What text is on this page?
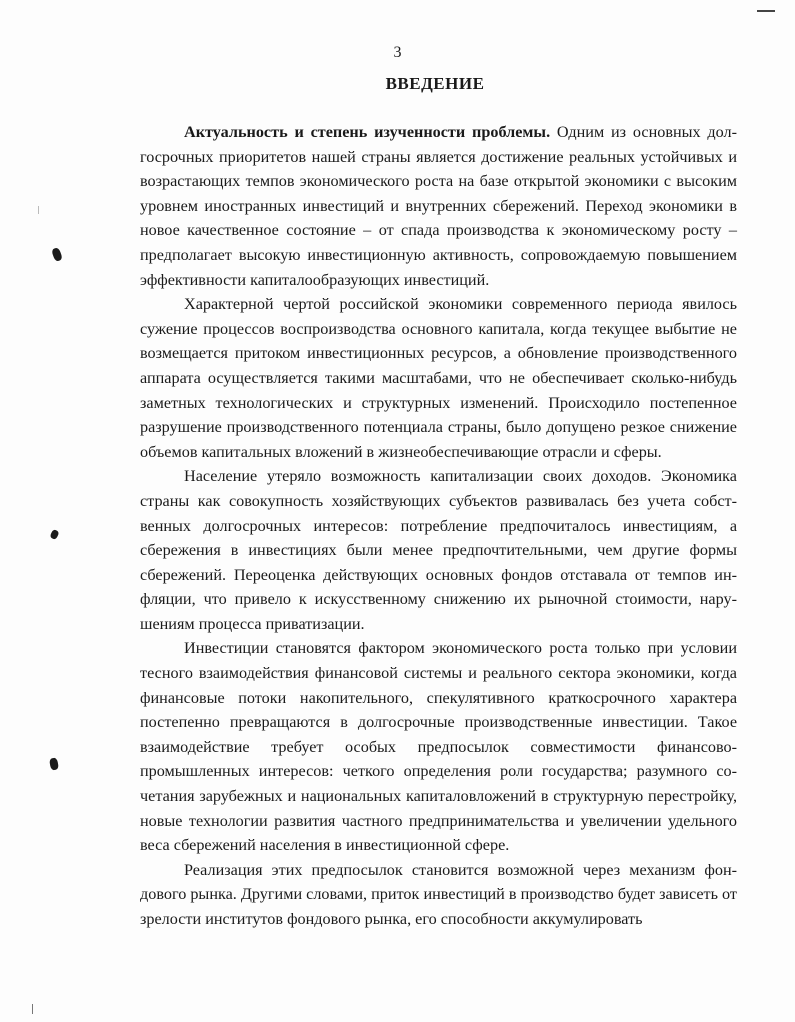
3
ВВЕДЕНИЕ

Актуальность и степень изученности проблемы. Одним из основных долгосрочных приоритетов нашей страны является достижение реальных устойчивых и возрастающих темпов экономического роста на базе открытой экономики с высоким уровнем иностранных инвестиций и внутренних сбережений. Переход экономики в новое качественное состояние – от спада производства к экономическому росту – предполагает высокую инвестиционную активность, сопровождаемую повышением эффективности капиталообразующих инвестиций.

Характерной чертой российской экономики современного периода явилось сужение процессов воспроизводства основного капитала, когда текущее выбытие не возмещается притоком инвестиционных ресурсов, а обновление производственного аппарата осуществляется такими масштабами, что не обеспечивает сколько-нибудь заметных технологических и структурных изменений. Происходило постепенное разрушение производственного потенциала страны, было допущено резкое снижение объемов капитальных вложений в жизнеобеспечивающие отрасли и сферы.

Население утеряло возможность капитализации своих доходов. Экономика страны как совокупность хозяйствующих субъектов развивалась без учета собственных долгосрочных интересов: потребление предпочиталось инвестициям, а сбережения в инвестициях были менее предпочтительными, чем другие формы сбережений. Переоценка действующих основных фондов отставала от темпов инфляции, что привело к искусственному снижению их рыночной стоимости, нарушениям процесса приватизации.

Инвестиции становятся фактором экономического роста только при условии тесного взаимодействия финансовой системы и реального сектора экономики, когда финансовые потоки накопительного, спекулятивного краткосрочного характера постепенно превращаются в долгосрочные производственные инвестиции. Такое взаимодействие требует особых предпосылок совместимости финансово-промышленных интересов: четкого определения роли государства; разумного сочетания зарубежных и национальных капиталовложений в структурную перестройку, новые технологии развития частного предпринимательства и увеличении удельного веса сбережений населения в инвестиционной сфере.

Реализация этих предпосылок становится возможной через механизм фондового рынка. Другими словами, приток инвестиций в производство будет зависеть от зрелости институтов фондового рынка, его способности аккумулировать
